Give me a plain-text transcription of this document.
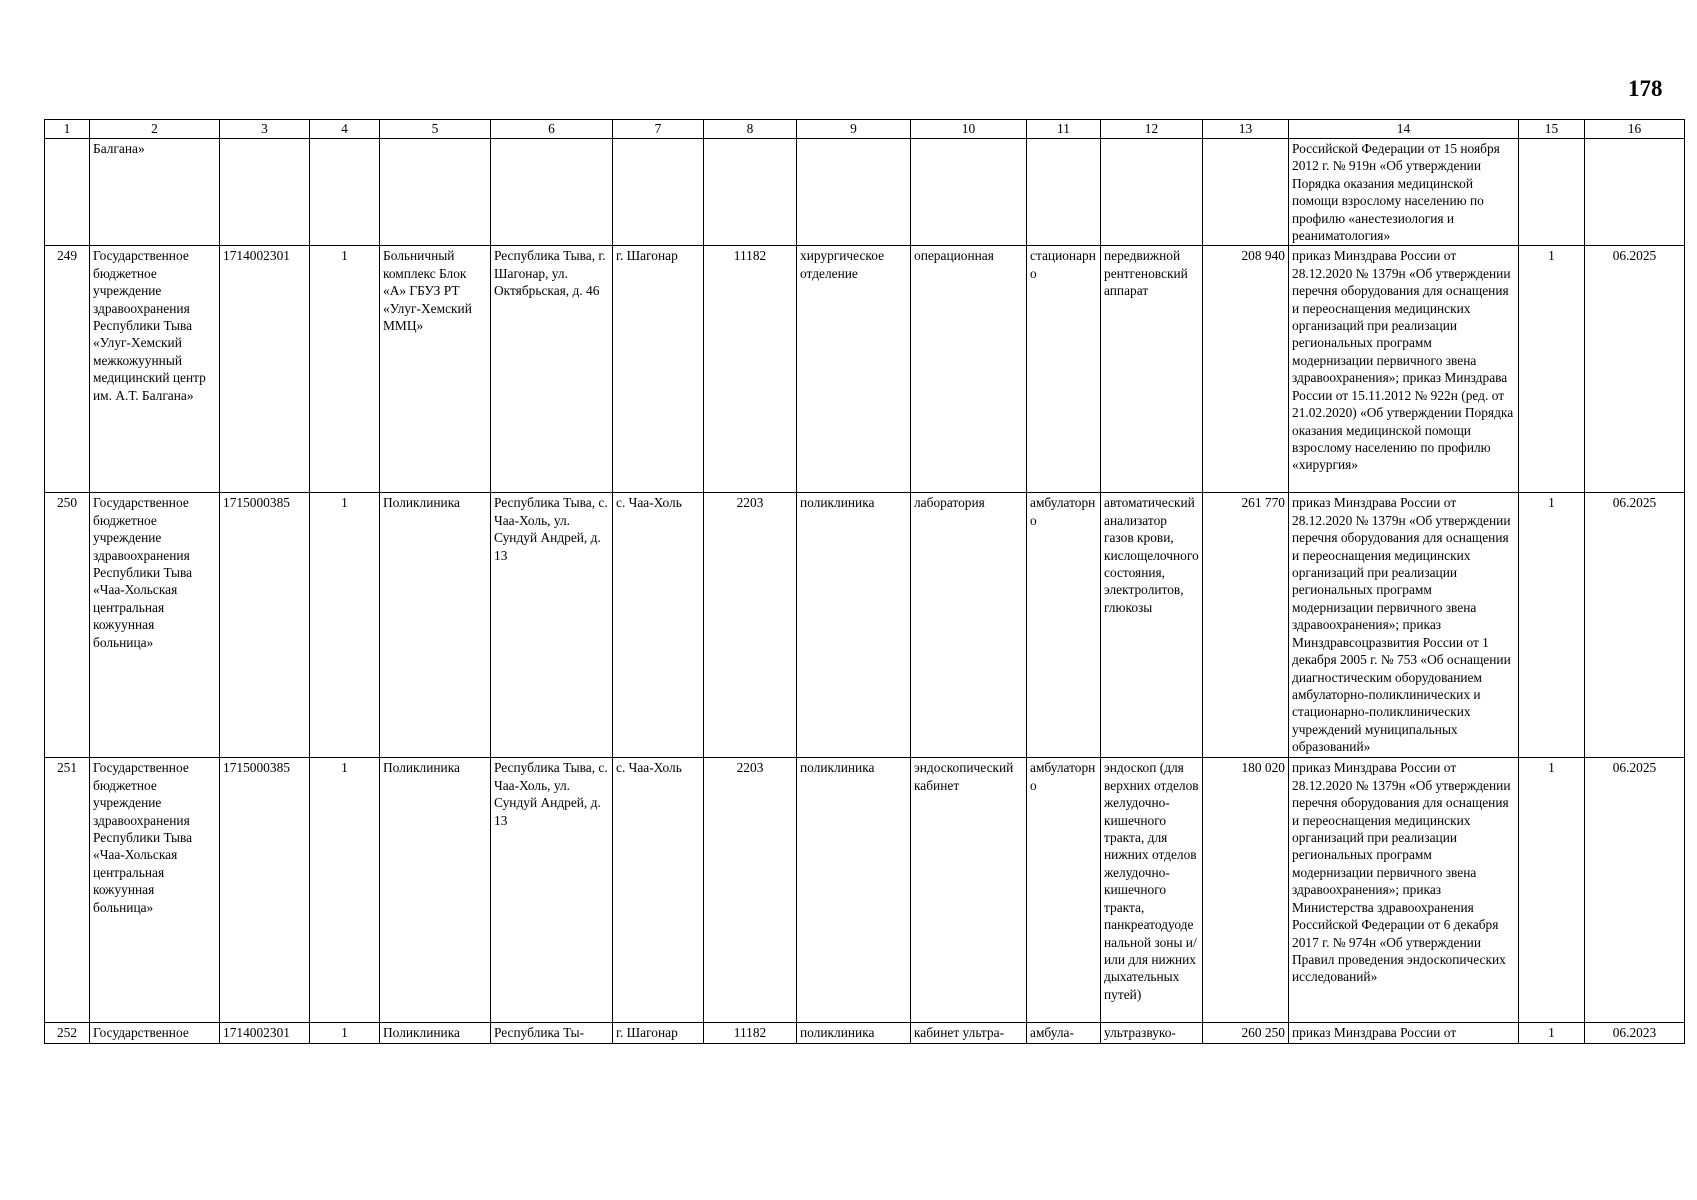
178
1	2	3	4	5	6	7	8	9	10	11	12	13	14	15	16
	Балгана»												Российской Федерации от 15 ноября 2012 г. № 919н «Об утверждении Порядка оказания медицинской помощи взрослому населению по профилю «анестезиология и реаниматология»		
249	Государственное бюджетное учреждение здравоохранения Республики Тыва «Улуг-Хемский межкожуунный медицинский центр им. А.Т. Балгана»	1714002301	1	Больничный комплекс Блок «А» ГБУЗ РТ «Улуг-Хемский ММЦ»	Республика Тыва, г. Шагонар, ул. Октябрьская, д. 46	г. Шагонар	11182	хирургическое отделение	операционная	стационарно	передвижной рентгеновский аппарат	208 940	приказ Минздрава России от 28.12.2020 № 1379н «Об утверждении перечня оборудования для оснащения и переоснащения медицинских организаций при реализации региональных программ модернизации первичного звена здравоохранения»; приказ Минздрава России от 15.11.2012 № 922н (ред. от 21.02.2020) «Об утверждении Порядка оказания медицинской помощи взрослому населению по профилю «хирургия»	1	06.2025
250	Государственное бюджетное учреждение здравоохранения Республики Тыва «Чаа-Хольская центральная кожуунная больница»	1715000385	1	Поликлиника	Республика Тыва, с. Чаа-Холь, ул. Сундуй Андрей, д. 13	с. Чаа-Холь	2203	поликлиника	лаборатория	амбулаторно	автоматический анализатор газов крови, кислощелочного состояния, электролитов, глюкозы	261 770	приказ Минздрава России от 28.12.2020 № 1379н «Об утверждении перечня оборудования для оснащения и переоснащения медицинских организаций при реализации региональных программ модернизации первичного звена здравоохранения»; приказ Минздравсоцразвития России от 1 декабря 2005 г. № 753 «Об оснащении диагностическим оборудованием амбулаторно-поликлинических и стационарно-поликлинических учреждений муниципальных образований»	1	06.2025
251	Государственное бюджетное учреждение здравоохранения Республики Тыва «Чаа-Хольская центральная кожуунная больница»	1715000385	1	Поликлиника	Республика Тыва, с. Чаа-Холь, ул. Сундуй Андрей, д. 13	с. Чаа-Холь	2203	поликлиника	эндоскопический кабинет	амбулаторно	эндоскоп (для верхних отделов желудочно-кишечного тракта, для нижних отделов желудочно-кишечного тракта, панкреатодуоденальной зоны и/или для нижних дыхательных путей)	180 020	приказ Минздрава России от 28.12.2020 № 1379н «Об утверждении перечня оборудования для оснащения и переоснащения медицинских организаций при реализации региональных программ модернизации первичного звена здравоохранения»; приказ Министерства здравоохранения Российской Федерации от 6 декабря 2017 г. № 974н «Об утверждении Правил проведения эндоскопических исследований»	1	06.2025
252	Государственное	1714002301	1	Поликлиника	Республика Ты-	г. Шагонар	11182	поликлиника	кабинет ультра-	амбула-	ультразвуко-	260 250	приказ Минздрава России от	1	06.2023
